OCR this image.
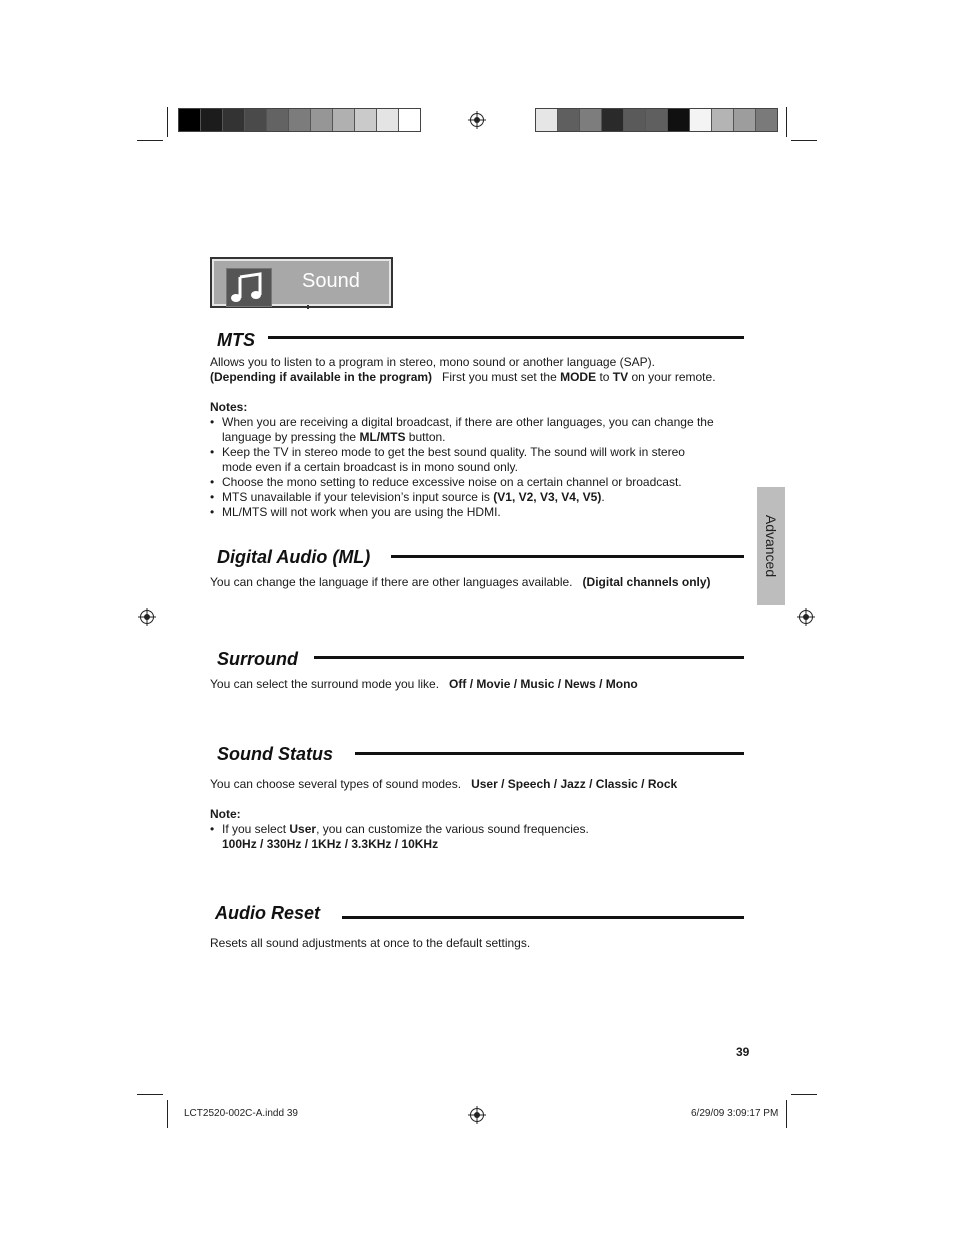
Sound
MTS
Allows you to listen to a program in stereo, mono sound or another language (SAP).
(Depending if available in the program) First you must set the MODE to TV on your remote.
Notes:
• When you are receiving a digital broadcast, if there are other languages, you can change the
language by pressing the ML/MTS button.
• Keep the TV in stereo mode to get the best sound quality. The sound will work in stereo
mode even if a certain broadcast is in mono sound only.
• Choose the mono setting to reduce excessive noise on a certain channel or broadcast.
• MTS unavailable if your television’s input source is (V1, V2, V3, V4, V5).
• ML/MTS will not work when you are using the HDMI.
Digital Audio (ML)
You can change the language if there are other languages available. (Digital channels only)
Surround
You can select the surround mode you like. Off / Movie / Music / News / Mono
Sound Status
You can choose several types of sound modes. User / Speech / Jazz / Classic / Rock
Note:
• If you select User, you can customize the various sound frequencies.
100Hz / 330Hz / 1KHz / 3.3KHz / 10KHz
Audio Reset
Resets all sound adjustments at once to the default settings.
Advanced
39
LCT2520-002C-A.indd 39	6/29/09 3:09:17 PM
